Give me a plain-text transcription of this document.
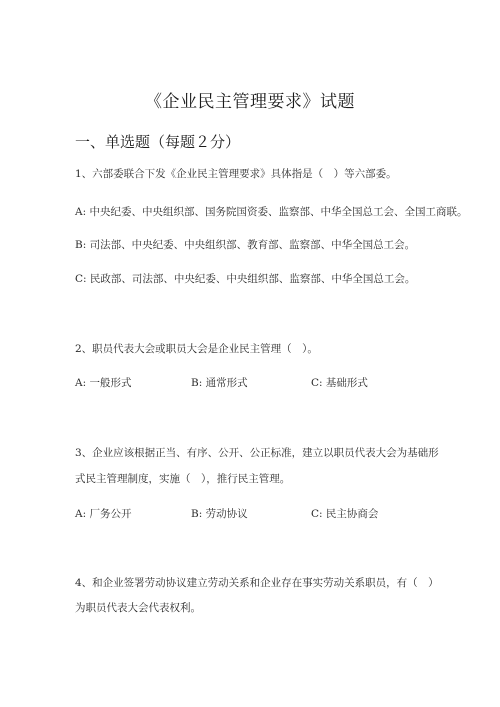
《企业民主管理要求》试题
一、单选题（每题２分）
1、六部委联合下发《企业民主管理要求》具体指是（　）等六部委。
A: 中央纪委、中央组织部、国务院国资委、监察部、中华全国总工会、全国工商联。
B: 司法部、中央纪委、中央组织部、教育部、监察部、中华全国总工会。
C: 民政部、司法部、中央纪委、中央组织部、监察部、中华全国总工会。
2、职员代表大会或职员大会是企业民主管理（　）。
A: 一般形式	B: 通常形式	C: 基础形式
3、企业应该根据正当、有序、公开、公正标准，建立以职员代表大会为基础形
式民主管理制度，实施（　），推行民主管理。
A: 厂务公开	B: 劳动协议	C: 民主协商会
4、和企业签署劳动协议建立劳动关系和企业存在事实劳动关系职员，有（　）
为职员代表大会代表权利。
